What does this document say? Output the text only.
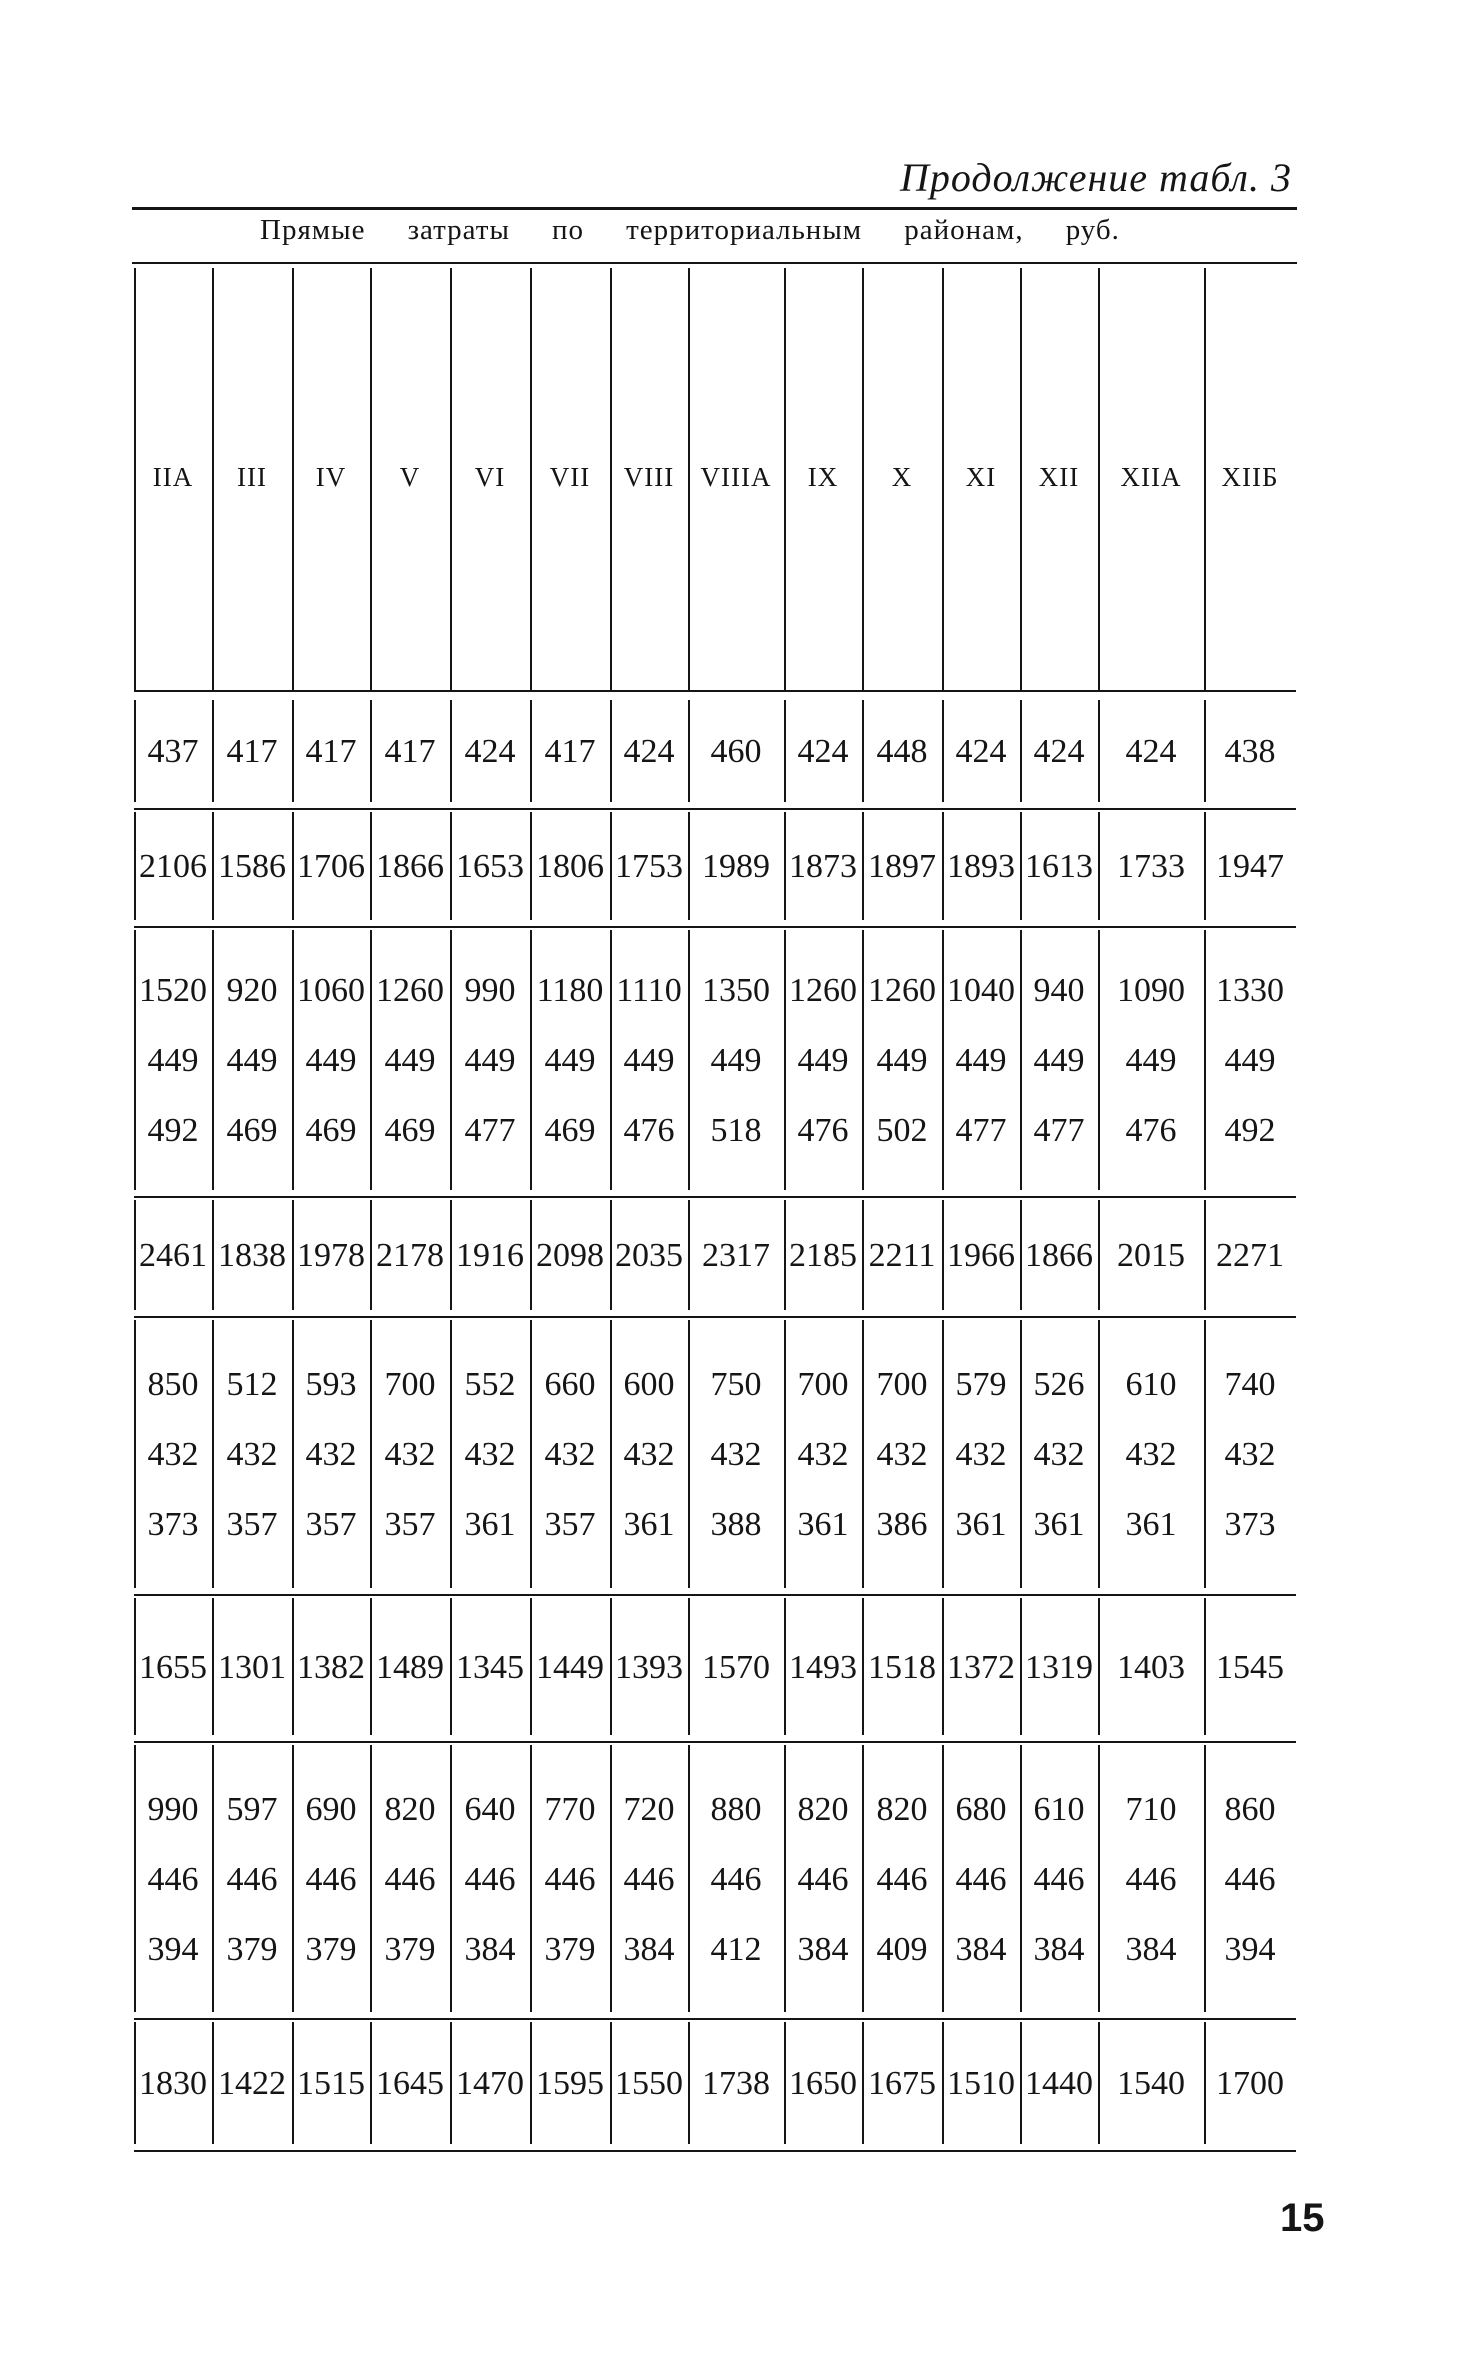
Продолжение табл. 3
Прямые затраты по территориальным районам, руб.
IIA	III	IV	V	VI	VII	VIII VIIIA	IX	X	XI	XII	XIIA	XIIБ
437 417 417 417 424 417 424	460	424 448 424 424	424	438
2106 1586 1706 1866 1653 1806 1753 1989 1873 1897 1893 1613 1733 1947
1520 920 1060 1260 990 1180 1110 1350 1260 1260 1040 940 1090 1330
449 449 449 449 449 449 449	449	449 449 449 449	449	449
492 469 469 469 477 469 476	518	476 502 477 477	476	492
2461 1838 1978 2178 1916 2098 2035 2317 2185 2211 1966 1866 2015 2271
850 512 593 700 552 660 600	750	700 700 579 526	610	740
432 432 432 432 432 432 432	432	432 432 432 432	432	432
373 357 357 357 361 357 361	388	361 386 361 361	361	373
1655 1301 1382 1489 1345 1449 1393 1570 1493 1518 1372 1319 1403 1545
990 597 690 820 640 770 720	880	820 820 680 610	710	860
446 446 446 446 446 446 446	446	446 446 446 446	446	446
394 379 379 379 384 379 384	412	384 409 384 384	384	394
1830 1422 1515 1645 1470 1595 1550 1738 1650 1675 1510 1440 1540 1700
15
